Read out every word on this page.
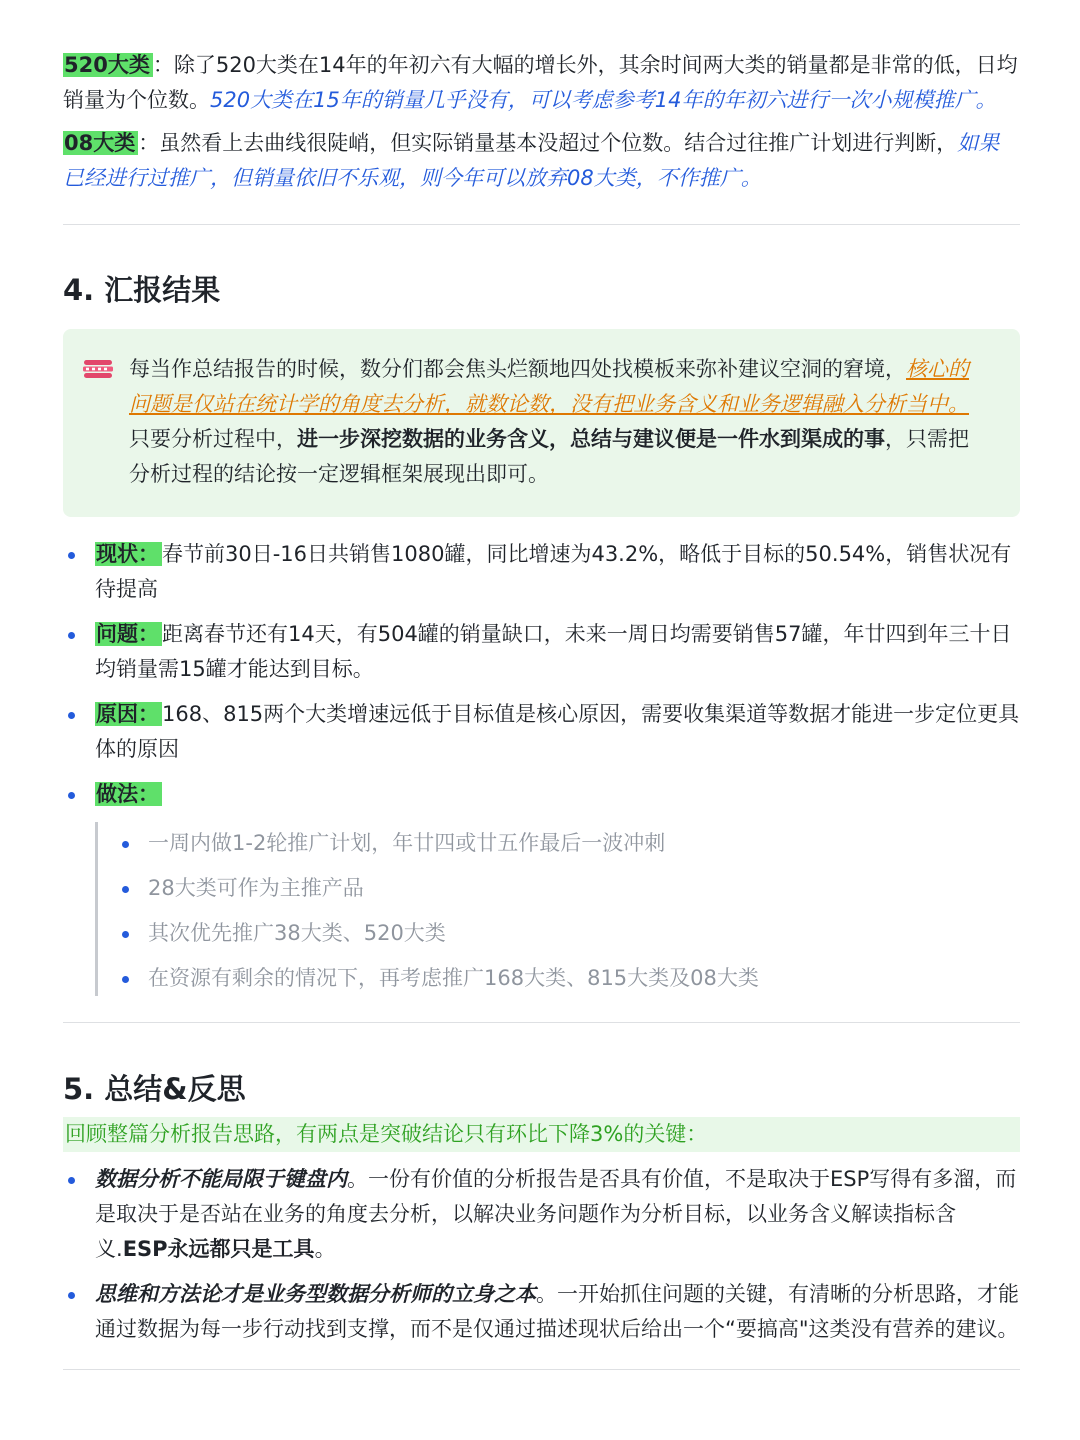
520大类 ：除了520大类在14年的年初六有大幅的增长外，其余时间两大类的销量都是非常的低，日均销量为个位数。520大类在15年的销量几乎没有，可以考虑参考14年的年初六进行一次小规模推广。

08大类 ：虽然看上去曲线很陡峭，但实际销量基本没超过个位数。结合过往推广计划进行判断，如果已经进行过推广，但销量依旧不乐观，则今年可以放弃08大类，不作推广。

4. 汇报结果

每当作总结报告的时候，数分们都会焦头烂额地四处找模板来弥补建议空洞的窘境，核心的问题是仅站在统计学的角度去分析，就数论数，没有把业务含义和业务逻辑融入分析当中。
只要分析过程中，进一步深挖数据的业务含义，总结与建议便是一件水到渠成的事，只需把分析过程的结论按一定逻辑框架展现出即可。

现状： 春节前30日-16日共销售1080罐，同比增速为43.2%，略低于目标的50.54%，销售状况有待提高
问题： 距离春节还有14天，有504罐的销量缺口，未来一周日均需要销售57罐，年廿四到年三十日均销量需15罐才能达到目标。
原因： 168、815两个大类增速远低于目标值是核心原因，需要收集渠道等数据才能进一步定位更具体的原因
做法：
一周内做1-2轮推广计划，年廿四或廿五作最后一波冲刺
28大类可作为主推产品
其次优先推广38大类、520大类
在资源有剩余的情况下，再考虑推广168大类、815大类及08大类
5. 总结&反思

回顾整篇分析报告思路，有两点是突破结论只有环比下降3%的关键：

数据分析不能局限于键盘内。一份有价值的分析报告是否具有价值，不是取决于ESP写得有多溜，而是取决于是否站在业务的角度去分析，以解决业务问题作为分析目标，以业务含义解读指标含义.ESP永远都只是工具。
思维和方法论才是业务型数据分析师的立身之本。一开始抓住问题的关键，有清晰的分析思路，才能通过数据为每一步行动找到支撑，而不是仅通过描述现状后给出一个“要搞高"这类没有营养的建议。
